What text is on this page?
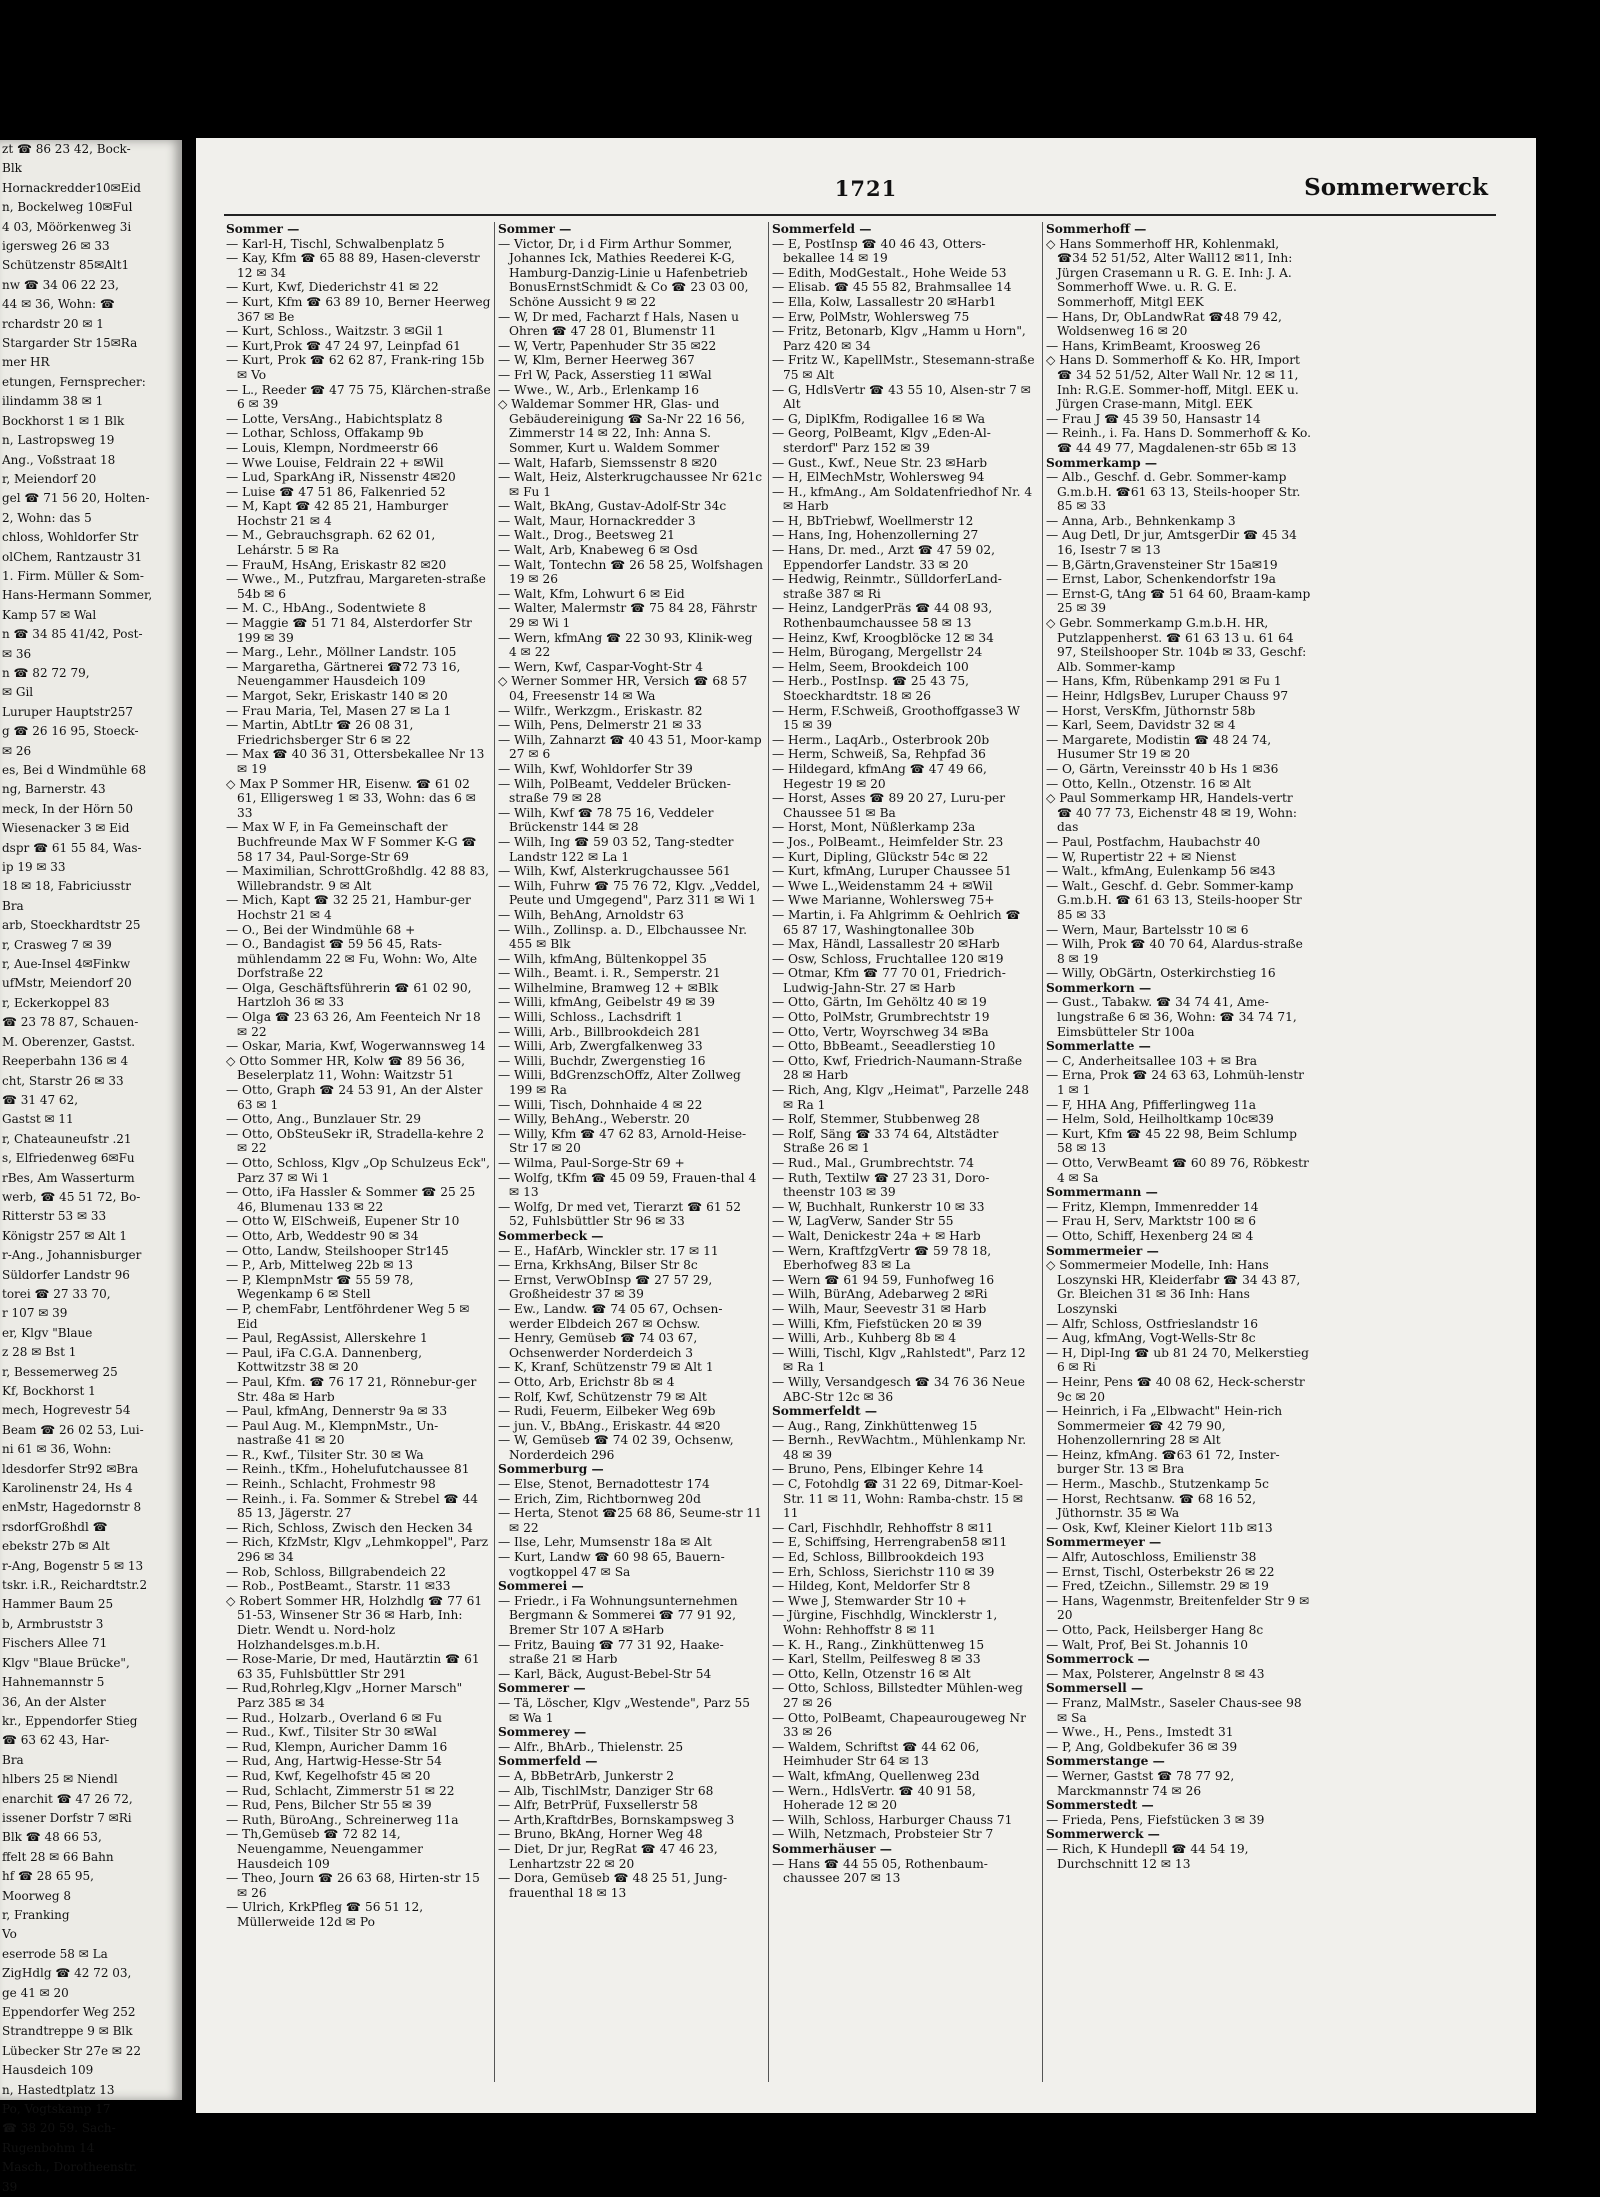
zt ☎ 86 23 42, Bock-
Blk
Hornackredder10✉Eid
n, Bockelweg 10✉Ful
4 03, Möörkenweg 3i
igersweg 26 ✉ 33
Schützenstr 85✉Alt1
nw ☎ 34 06 22 23,
44 ✉ 36, Wohn: ☎
rchardstr 20 ✉ 1
Stargarder Str 15✉Ra
mer HR
etungen, Fernsprecher:
ilindamm 38 ✉ 1
Bockhorst 1 ✉ 1 Blk
n, Lastropsweg 19
Ang., Voßstraat 18
r, Meiendorf 20
gel ☎ 71 56 20, Holten-
2, Wohn: das 5
chloss, Wohldorfer Str
olChem, Rantzaustr 31
1. Firm. Müller & Som-
Hans-Hermann Sommer,
Kamp 57 ✉ Wal
n ☎ 34 85 41/42, Post-
✉ 36
n ☎ 82 72 79,
✉ Gil
Luruper Hauptstr257
g ☎ 26 16 95, Stoeck-
✉ 26
es, Bei d Windmühle 68
ng, Barnerstr. 43
meck, In der Hörn 50
Wiesenacker 3 ✉ Eid
dspr ☎ 61 55 84, Was-
ip 19 ✉ 33
18 ✉ 18, Fabriciusstr
Bra
arb, Stoeckhardtstr 25
r, Crasweg 7 ✉ 39
r, Aue-Insel 4✉Finkw
ufMstr, Meiendorf 20
r, Eckerkoppel 83
☎ 23 78 87, Schauen-
M. Oberenzer, Gastst.
Reeperbahn 136 ✉ 4
cht, Starstr 26 ✉ 33
☎ 31 47 62,
Gastst ✉ 11
r, Chateauneufstr .21
s, Elfriedenweg 6✉Fu
rBes, Am Wasserturm
werb, ☎ 45 51 72, Bo-
Ritterstr 53 ✉ 33
Königstr 257 ✉ Alt 1
r-Ang., Johannisburger
Süldorfer Landstr 96
torei ☎ 27 33 70,
r 107 ✉ 39
er, Klgv "Blaue
z 28 ✉ Bst 1
r, Bessemerweg 25
Kf, Bockhorst 1
mech, Hogrevestr 54
Beam ☎ 26 02 53, Lui-
ni 61 ✉ 36, Wohn:
ldesdorfer Str92 ✉Bra
Karolinenstr 24, Hs 4
enMstr, Hagedornstr 8
rsdorfGroßhdl ☎
ebekstr 27b ✉ Alt
r-Ang, Bogenstr 5 ✉ 13
tskr. i.R., Reichardtstr.2
Hammer Baum 25
b, Armbruststr 3
Fischers Allee 71
Klgv "Blaue Brücke",
Hahnemannstr 5
36, An der Alster
kr., Eppendorfer Stieg
☎ 63 62 43, Har-
Bra
hlbers 25 ✉ Niendl
enarchit ☎ 47 26 72,
issener Dorfstr 7 ✉Ri
Blk ☎ 48 66 53,
ffelt 28 ✉ 66 Bahn
hf ☎ 28 65 95,
Moorweg 8
r, Franking
Vo
eserrode 58 ✉ La
ZigHdlg ☎ 42 72 03,
ge 41 ✉ 20
Eppendorfer Weg 252
Strandtreppe 9 ✉ Blk
Lübecker Str 27e ✉ 22
Hausdeich 109
n, Hastedtplatz 13
Po, Vogtskamp 17
☎ 38 20 59. Sach-
Rugenbohm 14
Masch., Dorotheenstr.
39
1721	Sommerwerck

Sommer —

— Karl-H, Tischl, Schwalbenplatz 5

— Kay, Kfm ☎ 65 88 89, Hasen-cleverstr 12 ✉ 34

— Kurt, Kwf, Diederichstr 41 ✉ 22

— Kurt, Kfm ☎ 63 89 10, Berner Heerweg 367 ✉ Be

— Kurt, Schloss., Waitzstr. 3 ✉Gil 1

— Kurt,Prok ☎ 47 24 97, Leinpfad 61

— Kurt, Prok ☎ 62 62 87, Frank-ring 15b ✉ Vo

— L., Reeder ☎ 47 75 75, Klärchen-straße 6 ✉ 39

— Lotte, VersAng., Habichtsplatz 8

— Lothar, Schloss, Offakamp 9b

— Louis, Klempn, Nordmeerstr 66

— Wwe Louise, Feldrain 22 + ✉Wil

— Lud, SparkAng iR, Nissenstr 4✉20

— Luise ☎ 47 51 86, Falkenried 52

— M, Kapt ☎ 42 85 21, Hamburger Hochstr 21 ✉ 4

— M., Gebrauchsgraph. 62 62 01, Lehárstr. 5 ✉ Ra

— FrauM, HsAng, Eriskastr 82 ✉20

— Wwe., M., Putzfrau, Margareten-straße 54b ✉ 6

— M. C., HbAng., Sodentwiete 8

— Maggie ☎ 51 71 84, Alsterdorfer Str 199 ✉ 39

— Marg., Lehr., Möllner Landstr. 105

— Margaretha, Gärtnerei ☎72 73 16, Neuengammer Hausdeich 109

— Margot, Sekr, Eriskastr 140 ✉ 20

— Frau Maria, Tel, Masen 27 ✉ La 1

— Martin, AbtLtr ☎ 26 08 31, Friedrichsberger Str 6 ✉ 22

— Max ☎ 40 36 31, Ottersbekallee Nr 13 ✉ 19

◇ Max P Sommer HR, Eisenw. ☎ 61 02 61, Elligersweg 1 ✉ 33, Wohn: das 6 ✉ 33

— Max W F, in Fa Gemeinschaft der Buchfreunde Max W F Sommer K-G ☎ 58 17 34, Paul-Sorge-Str 69

— Maximilian, SchrottGroßhdlg. 42 88 83, Willebrandstr. 9 ✉ Alt

— Mich, Kapt ☎ 32 25 21, Hambur-ger Hochstr 21 ✉ 4

— O., Bei der Windmühle 68 +

— O., Bandagist ☎ 59 56 45, Rats-mühlendamm 22 ✉ Fu, Wohn: Wo, Alte Dorfstraße 22

— Olga, Geschäftsführerin ☎ 61 02 90, Hartzloh 36 ✉ 33

— Olga ☎ 23 63 26, Am Feenteich Nr 18 ✉ 22

— Oskar, Maria, Kwf, Wogerwannsweg 14

◇ Otto Sommer HR, Kolw ☎ 89 56 36, Beselerplatz 11, Wohn: Waitzstr 51

— Otto, Graph ☎ 24 53 91, An der Alster 63 ✉ 1

— Otto, Ang., Bunzlauer Str. 29

— Otto, ObSteuSekr iR, Stradella-kehre 2 ✉ 22

— Otto, Schloss, Klgv „Op Schulzeus Eck", Parz 37 ✉ Wi 1

— Otto, iFa Hassler & Sommer ☎ 25 25 46, Blumenau 133 ✉ 22

— Otto W, ElSchweiß, Eupener Str 10

— Otto, Arb, Weddestr 90 ✉ 34

— Otto, Landw, Steilshooper Str145

— P., Arb, Mittelweg 22b ✉ 13

— P, KlempnMstr ☎ 55 59 78, Wegenkamp 6 ✉ Stell

— P, chemFabr, Lentföhrdener Weg 5 ✉ Eid

— Paul, RegAssist, Allerskehre 1

— Paul, iFa C.G.A. Dannenberg, Kottwitzstr 38 ✉ 20

— Paul, Kfm. ☎ 76 17 21, Rönnebur-ger Str. 48a ✉ Harb

— Paul, kfmAng, Dennerstr 9a ✉ 33

— Paul Aug. M., KlempnMstr., Un-nastraße 41 ✉ 20

— R., Kwf., Tilsiter Str. 30 ✉ Wa

— Reinh., tKfm., Hohelufutchaussee 81

— Reinh., Schlacht, Frohmestr 98

— Reinh., i. Fa. Sommer & Strebel ☎ 44 85 13, Jägerstr. 27

— Rich, Schloss, Zwisch den Hecken 34

— Rich, KfzMstr, Klgv „Lehmkoppel", Parz 296 ✉ 34

— Rob, Schloss, Billgrabendeich 22

— Rob., PostBeamt., Starstr. 11 ✉33

◇ Robert Sommer HR, Holzhdlg ☎ 77 61 51-53, Winsener Str 36 ✉ Harb, Inh: Dietr. Wendt u. Nord-holz Holzhandelsges.m.b.H.

— Rose-Marie, Dr med, Hautärztin ☎ 61 63 35, Fuhlsbüttler Str 291

— Rud,Rohrleg,Klgv „Horner Marsch" Parz 385 ✉ 34

— Rud., Holzarb., Overland 6 ✉ Fu

— Rud., Kwf., Tilsiter Str 30 ✉Wal

— Rud, Klempn, Auricher Damm 16

— Rud, Ang, Hartwig-Hesse-Str 54

— Rud, Kwf, Kegelhofstr 45 ✉ 20

— Rud, Schlacht, Zimmerstr 51 ✉ 22

— Rud, Pens, Bilcher Str 55 ✉ 39

— Ruth, BüroAng., Schreinerweg 11a

— Th,Gemüseb ☎ 72 82 14, Neuengamme, Neuengammer Hausdeich 109

— Theo, Journ ☎ 26 63 68, Hirten-str 15 ✉ 26

— Ulrich, KrkPfleg ☎ 56 51 12, Müllerweide 12d ✉ Po

Sommer —

— Victor, Dr, i d Firm Arthur Sommer, Johannes Ick, Mathies Reederei K-G, Hamburg-Danzig-Linie u Hafenbetrieb BonusErnstSchmidt & Co ☎ 23 03 00, Schöne Aussicht 9 ✉ 22

— W, Dr med, Facharzt f Hals, Nasen u Ohren ☎ 47 28 01, Blumenstr 11

— W, Vertr, Papenhuder Str 35 ✉22

— W, Klm, Berner Heerweg 367

— Frl W, Pack, Asserstieg 11 ✉Wal

— Wwe., W., Arb., Erlenkamp 16

◇ Waldemar Sommer HR, Glas- und Gebäudereinigung ☎ Sa-Nr 22 16 56, Zimmerstr 14 ✉ 22, Inh: Anna S. Sommer, Kurt u. Waldem Sommer

— Walt, Hafarb, Siemssenstr 8 ✉20

— Walt, Heiz, Alsterkrugchaussee Nr 621c ✉ Fu 1

— Walt, BkAng, Gustav-Adolf-Str 34c

— Walt, Maur, Hornackredder 3

— Walt., Drog., Beetsweg 21

— Walt, Arb, Knabeweg 6 ✉ Osd

— Walt, Tontechn ☎ 26 58 25, Wolfshagen 19 ✉ 26

— Walt, Kfm, Lohwurt 6 ✉ Eid

— Walter, Malermstr ☎ 75 84 28, Fährstr 29 ✉ Wi 1

— Wern, kfmAng ☎ 22 30 93, Klinik-weg 4 ✉ 22

— Wern, Kwf, Caspar-Voght-Str 4

◇ Werner Sommer HR, Versich ☎ 68 57 04, Freesenstr 14 ✉ Wa

— Wilfr., Werkzgm., Eriskastr. 82

— Wilh, Pens, Delmerstr 21 ✉ 33

— Wilh, Zahnarzt ☎ 40 43 51, Moor-kamp 27 ✉ 6

— Wilh, Kwf, Wohldorfer Str 39

— Wilh, PolBeamt, Veddeler Brücken-straße 79 ✉ 28

— Wilh, Kwf ☎ 78 75 16, Veddeler Brückenstr 144 ✉ 28

— Wilh, Ing ☎ 59 03 52, Tang-stedter Landstr 122 ✉ La 1

— Wilh, Kwf, Alsterkrugchaussee 561

— Wilh, Fuhrw ☎ 75 76 72, Klgv. „Veddel, Peute und Umgegend", Parz 311 ✉ Wi 1

— Wilh, BehAng, Arnoldstr 63

— Wilh., Zollinsp. a. D., Elbchaussee Nr. 455 ✉ Blk

— Wilh, kfmAng, Bültenkoppel 35

— Wilh., Beamt. i. R., Semperstr. 21

— Wilhelmine, Bramweg 12 + ✉Blk

— Willi, kfmAng, Geibelstr 49 ✉ 39

— Willi, Schloss., Lachsdrift 1

— Willi, Arb., Billbrookdeich 281

— Willi, Arb, Zwergfalkenweg 33

— Willi, Buchdr, Zwergenstieg 16

— Willi, BdGrenzschOffz, Alter Zollweg 199 ✉ Ra

— Willi, Tisch, Dohnhaide 4 ✉ 22

— Willy, BehAng., Weberstr. 20

— Willy, Kfm ☎ 47 62 83, Arnold-Heise-Str 17 ✉ 20

— Wilma, Paul-Sorge-Str 69 +

— Wolfg, tKfm ☎ 45 09 59, Frauen-thal 4 ✉ 13

— Wolfg, Dr med vet, Tierarzt ☎ 61 52 52, Fuhlsbüttler Str 96 ✉ 33

Sommerbeck —

— E., HafArb, Winckler str. 17 ✉ 11

— Erna, KrkhsAng, Bilser Str 8c

— Ernst, VerwObInsp ☎ 27 57 29, Großheidestr 37 ✉ 39

— Ew., Landw. ☎ 74 05 67, Ochsen-werder Elbdeich 267 ✉ Ochsw.

— Henry, Gemüseb ☎ 74 03 67, Ochsenwerder Norderdeich 3

— K, Kranf, Schützenstr 79 ✉ Alt 1

— Otto, Arb, Erichstr 8b ✉ 4

— Rolf, Kwf, Schützenstr 79 ✉ Alt

— Rudi, Feuerm, Eilbeker Weg 69b

— jun. V., BbAng., Eriskastr. 44 ✉20

— W, Gemüseb ☎ 74 02 39, Ochsenw, Norderdeich 296

Sommerburg —

— Else, Stenot, Bernadottestr 174

— Erich, Zim, Richtbornweg 20d

— Herta, Stenot ☎25 68 86, Seume-str 11 ✉ 22

— Ilse, Lehr, Mumsenstr 18a ✉ Alt

— Kurt, Landw ☎ 60 98 65, Bauern-vogtkoppel 47 ✉ Sa

Sommerei —

— Friedr., i Fa Wohnungsunternehmen Bergmann & Sommerei ☎ 77 91 92, Bremer Str 107 A ✉Harb

— Fritz, Bauing ☎ 77 31 92, Haake-straße 21 ✉ Harb

— Karl, Bäck, August-Bebel-Str 54

Sommerer —

— Tä, Löscher, Klgv „Westende", Parz 55 ✉ Wa 1

Sommerey —

— Alfr., BhArb., Thielenstr. 25

Sommerfeld —

— A, BbBetrArb, Junkerstr 2

— Alb, TischlMstr, Danziger Str 68

— Alfr, BetrPrüf, Fuxsellerstr 58

— Arth,KraftdrBes, Bornskampsweg 3

— Bruno, BkAng, Horner Weg 48

— Diet, Dr jur, RegRat ☎ 47 46 23, Lenhartzstr 22 ✉ 20

— Dora, Gemüseb ☎ 48 25 51, Jung-frauenthal 18 ✉ 13

Sommerfeld —

— E, PostInsp ☎ 40 46 43, Otters-bekallee 14 ✉ 19

— Edith, ModGestalt., Hohe Weide 53

— Elisab. ☎ 45 55 82, Brahmsallee 14

— Ella, Kolw, Lassallestr 20 ✉Harb1

— Erw, PolMstr, Wohlersweg 75

— Fritz, Betonarb, Klgv „Hamm u Horn", Parz 420 ✉ 34

— Fritz W., KapellMstr., Stesemann-straße 75 ✉ Alt

— G, HdlsVertr ☎ 43 55 10, Alsen-str 7 ✉ Alt

— G, DiplKfm, Rodigallee 16 ✉ Wa

— Georg, PolBeamt, Klgv „Eden-Al-sterdorf" Parz 152 ✉ 39

— Gust., Kwf., Neue Str. 23 ✉Harb

— H, ElMechMstr, Wohlersweg 94

— H., kfmAng., Am Soldatenfriedhof Nr. 4 ✉ Harb

— H, BbTriebwf, Woellmerstr 12

— Hans, Ing, Hohenzollerning 27

— Hans, Dr. med., Arzt ☎ 47 59 02, Eppendorfer Landstr. 33 ✉ 20

— Hedwig, Reinmtr., SülldorferLand-straße 387 ✉ Ri

— Heinz, LandgerPräs ☎ 44 08 93, Rothenbaumchaussee 58 ✉ 13

— Heinz, Kwf, Kroogblöcke 12 ✉ 34

— Helm, Bürogang, Mergellstr 24

— Helm, Seem, Brookdeich 100

— Herb., PostInsp. ☎ 25 43 75, Stoeckhardtstr. 18 ✉ 26

— Herm, F.Schweiß, Groothoffgasse3 W 15 ✉ 39

— Herm., LaqArb., Osterbrook 20b

— Herm, Schweiß, Sa, Rehpfad 36

— Hildegard, kfmAng ☎ 47 49 66, Hegestr 19 ✉ 20

— Horst, Asses ☎ 89 20 27, Luru-per Chaussee 51 ✉ Ba

— Horst, Mont, Nüßlerkamp 23a

— Jos., PolBeamt., Heimfelder Str. 23

— Kurt, Dipling, Glückstr 54c ✉ 22

— Kurt, kfmAng, Luruper Chaussee 51

— Wwe L.,Weidenstamm 24 + ✉Wil

— Wwe Marianne, Wohlersweg 75+

— Martin, i. Fa Ahlgrimm & Oehlrich ☎ 65 87 17, Washingtonallee 30b

— Max, Händl, Lassallestr 20 ✉Harb

— Osw, Schloss, Fruchtallee 120 ✉19

— Otmar, Kfm ☎ 77 70 01, Friedrich-Ludwig-Jahn-Str. 27 ✉ Harb

— Otto, Gärtn, Im Gehöltz 40 ✉ 19

— Otto, PolMstr, Grumbrechtstr 19

— Otto, Vertr, Woyrschweg 34 ✉Ba

— Otto, BbBeamt., Seeadlerstieg 10

— Otto, Kwf, Friedrich-Naumann-Straße 28 ✉ Harb

— Rich, Ang, Klgv „Heimat", Parzelle 248 ✉ Ra 1

— Rolf, Stemmer, Stubbenweg 28

— Rolf, Säng ☎ 33 74 64, Altstädter Straße 26 ✉ 1

— Rud., Mal., Grumbrechtstr. 74

— Ruth, Textilw ☎ 27 23 31, Doro-theenstr 103 ✉ 39

— W, Buchhalt, Runkerstr 10 ✉ 33

— W, LagVerw, Sander Str 55

— Walt, Denickestr 24a + ✉ Harb

— Wern, KraftfzgVertr ☎ 59 78 18, Eberhofweg 83 ✉ La

— Wern ☎ 61 94 59, Funhofweg 16

— Wilh, BürAng, Adebarweg 2 ✉Ri

— Wilh, Maur, Seevestr 31 ✉ Harb

— Willi, Kfm, Fiefstücken 20 ✉ 39

— Willi, Arb., Kuhberg 8b ✉ 4

— Willi, Tischl, Klgv „Rahlstedt", Parz 12 ✉ Ra 1

— Willy, Versandgesch ☎ 34 76 36 Neue ABC-Str 12c ✉ 36

Sommerfeldt —

— Aug., Rang, Zinkhüttenweg 15

— Bernh., RevWachtm., Mühlenkamp Nr. 48 ✉ 39

— Bruno, Pens, Elbinger Kehre 14

— C, Fotohdlg ☎ 31 22 69, Ditmar-Koel-Str. 11 ✉ 11, Wohn: Ramba-chstr. 15 ✉ 11

— Carl, Fischhdlr, Rehhoffstr 8 ✉11

— E, Schiffsing, Herrengraben58 ✉11

— Ed, Schloss, Billbrookdeich 193

— Erh, Schloss, Sierichstr 110 ✉ 39

— Hildeg, Kont, Meldorfer Str 8

— Wwe J, Stemwarder Str 10 +

— Jürgine, Fischhdlg, Wincklerstr 1, Wohn: Rehhoffstr 8 ✉ 11

— K. H., Rang., Zinkhüttenweg 15

— Karl, Stellm, Peilfesweg 8 ✉ 33

— Otto, Kelln, Otzenstr 16 ✉ Alt

— Otto, Schloss, Billstedter Mühlen-weg 27 ✉ 26

— Otto, PolBeamt, Chapeaurougeweg Nr 33 ✉ 26

— Waldem, Schriftst ☎ 44 62 06, Heimhuder Str 64 ✉ 13

— Walt, kfmAng, Quellenweg 23d

— Wern., HdlsVertr. ☎ 40 91 58, Hoherade 12 ✉ 20

— Wilh, Schloss, Harburger Chauss 71

— Wilh, Netzmach, Probsteier Str 7

Sommerhäuser —

— Hans ☎ 44 55 05, Rothenbaum-chaussee 207 ✉ 13

Sommerhoff —

◇ Hans Sommerhoff HR, Kohlenmakl, ☎34 52 51/52, Alter Wall12 ✉11, Inh: Jürgen Crasemann u R. G. E. Inh: J. A. Sommerhoff Wwe. u. R. G. E. Sommerhoff, Mitgl EEK

— Hans, Dr, ObLandwRat ☎48 79 42, Woldsenweg 16 ✉ 20

— Hans, KrimBeamt, Kroosweg 26

◇ Hans D. Sommerhoff & Ko. HR, Import ☎ 34 52 51/52, Alter Wall Nr. 12 ✉ 11, Inh: R.G.E. Sommer-hoff, Mitgl. EEK u. Jürgen Crase-mann, Mitgl. EEK

— Frau J ☎ 45 39 50, Hansastr 14

— Reinh., i. Fa. Hans D. Sommerhoff & Ko. ☎ 44 49 77, Magdalenen-str 65b ✉ 13

Sommerkamp —

— Alb., Geschf. d. Gebr. Sommer-kamp G.m.b.H. ☎61 63 13, Steils-hooper Str. 85 ✉ 33

— Anna, Arb., Behnkenkamp 3

— Aug Detl, Dr jur, AmtsgerDir ☎ 45 34 16, Isestr 7 ✉ 13

— B,Gärtn,Gravensteiner Str 15a✉19

— Ernst, Labor, Schenkendorfstr 19a

— Ernst-G, tAng ☎ 51 64 60, Braam-kamp 25 ✉ 39

◇ Gebr. Sommerkamp G.m.b.H. HR, Putzlappenherst. ☎ 61 63 13 u. 61 64 97, Steilshooper Str. 104b ✉ 33, Geschf: Alb. Sommer-kamp

— Hans, Kfm, Rübenkamp 291 ✉ Fu 1

— Heinr, HdlgsBev, Luruper Chauss 97

— Horst, VersKfm, Jüthornstr 58b

— Karl, Seem, Davidstr 32 ✉ 4

— Margarete, Modistin ☎ 48 24 74, Husumer Str 19 ✉ 20

— O, Gärtn, Vereinsstr 40 b Hs 1 ✉36

— Otto, Kelln., Otzenstr. 16 ✉ Alt

◇ Paul Sommerkamp HR, Handels-vertr ☎ 40 77 73, Eichenstr 48 ✉ 19, Wohn: das

— Paul, Postfachm, Haubachstr 40

— W, Rupertistr 22 + ✉ Nienst

— Walt., kfmAng, Eulenkamp 56 ✉43

— Walt., Geschf. d. Gebr. Sommer-kamp G.m.b.H. ☎ 61 63 13, Steils-hooper Str 85 ✉ 33

— Wern, Maur, Bartelsstr 10 ✉ 6

— Wilh, Prok ☎ 40 70 64, Alardus-straße 8 ✉ 19

— Willy, ObGärtn, Osterkirchstieg 16

Sommerkorn —

— Gust., Tabakw. ☎ 34 74 41, Ame-lungstraße 6 ✉ 36, Wohn: ☎ 34 74 71, Eimsbütteler Str 100a

Sommerlatte —

— C, Anderheitsallee 103 + ✉ Bra

— Erna, Prok ☎ 24 63 63, Lohmüh-lenstr 1 ✉ 1

— F, HHA Ang, Pfifferlingweg 11a

— Helm, Sold, Heilholtkamp 10c✉39

— Kurt, Kfm ☎ 45 22 98, Beim Schlump 58 ✉ 13

— Otto, VerwBeamt ☎ 60 89 76, Röbkestr 4 ✉ Sa

Sommermann —

— Fritz, Klempn, Immenredder 14

— Frau H, Serv, Marktstr 100 ✉ 6

— Otto, Schiff, Hexenberg 24 ✉ 4

Sommermeier —

◇ Sommermeier Modelle, Inh: Hans Loszynski HR, Kleiderfabr ☎ 34 43 87, Gr. Bleichen 31 ✉ 36 Inh: Hans Loszynski

— Alfr, Schloss, Ostfrieslandstr 16

— Aug, kfmAng, Vogt-Wells-Str 8c

— H, Dipl-Ing ☎ ub 81 24 70, Melkerstieg 6 ✉ Ri

— Heinr, Pens ☎ 40 08 62, Heck-scherstr 9c ✉ 20

— Heinrich, i Fa „Elbwacht" Hein-rich Sommermeier ☎ 42 79 90, Hohenzollernring 28 ✉ Alt

— Heinz, kfmAng. ☎63 61 72, Inster-burger Str. 13 ✉ Bra

— Herm., Maschb., Stutzenkamp 5c

— Horst, Rechtsanw. ☎ 68 16 52, Jüthornstr. 35 ✉ Wa

— Osk, Kwf, Kleiner Kielort 11b ✉13

Sommermeyer —

— Alfr, Autoschloss, Emilienstr 38

— Ernst, Tischl, Osterbekstr 26 ✉ 22

— Fred, tZeichn., Sillemstr. 29 ✉ 19

— Hans, Wagenmstr, Breitenfelder Str 9 ✉ 20

— Otto, Pack, Heilsberger Hang 8c

— Walt, Prof, Bei St. Johannis 10

Sommerrock —

— Max, Polsterer, Angelnstr 8 ✉ 43

Sommersell —

— Franz, MalMstr., Saseler Chaus-see 98 ✉ Sa

— Wwe., H., Pens., Imstedt 31

— P, Ang, Goldbekufer 36 ✉ 39

Sommerstange —

— Werner, Gastst ☎ 78 77 92, Marckmannstr 74 ✉ 26

Sommerstedt —

— Frieda, Pens, Fiefstücken 3 ✉ 39

Sommerwerck —

— Rich, K Hundepll ☎ 44 54 19, Durchschnitt 12 ✉ 13
